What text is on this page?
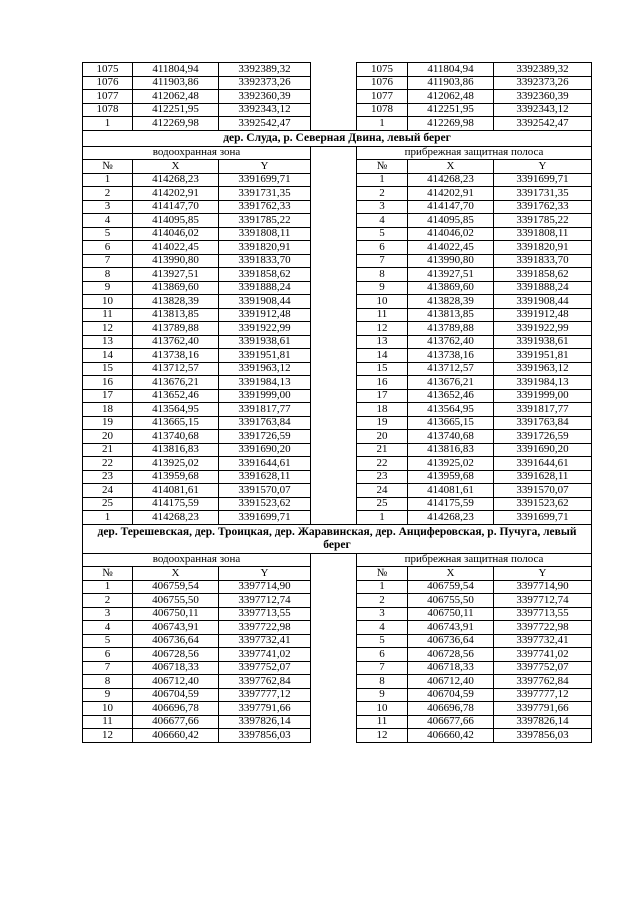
1075	411804,94	3392389,32		1075	411804,94	3392389,32
1076	411903,86	3392373,26		1076	411903,86	3392373,26
1077	412062,48	3392360,39		1077	412062,48	3392360,39
1078	412251,95	3392343,12		1078	412251,95	3392343,12
1	412269,98	3392542,47		1	412269,98	3392542,47
дер. Слуда, р. Северная Двина, левый берег						
водоохранная зона				прибрежная защитная полоса		
№	X	Y		№	X	Y
1	414268,23	3391699,71		1	414268,23	3391699,71
2	414202,91	3391731,35		2	414202,91	3391731,35
3	414147,70	3391762,33		3	414147,70	3391762,33
4	414095,85	3391785,22		4	414095,85	3391785,22
5	414046,02	3391808,11		5	414046,02	3391808,11
6	414022,45	3391820,91		6	414022,45	3391820,91
7	413990,80	3391833,70		7	413990,80	3391833,70
8	413927,51	3391858,62		8	413927,51	3391858,62
9	413869,60	3391888,24		9	413869,60	3391888,24
10	413828,39	3391908,44		10	413828,39	3391908,44
11	413813,85	3391912,48		11	413813,85	3391912,48
12	413789,88	3391922,99		12	413789,88	3391922,99
13	413762,40	3391938,61		13	413762,40	3391938,61
14	413738,16	3391951,81		14	413738,16	3391951,81
15	413712,57	3391963,12		15	413712,57	3391963,12
16	413676,21	3391984,13		16	413676,21	3391984,13
17	413652,46	3391999,00		17	413652,46	3391999,00
18	413564,95	3391817,77		18	413564,95	3391817,77
19	413665,15	3391763,84		19	413665,15	3391763,84
20	413740,68	3391726,59		20	413740,68	3391726,59
21	413816,83	3391690,20		21	413816,83	3391690,20
22	413925,02	3391644,61		22	413925,02	3391644,61
23	413959,68	3391628,11		23	413959,68	3391628,11
24	414081,61	3391570,07		24	414081,61	3391570,07
25	414175,59	3391523,62		25	414175,59	3391523,62
1	414268,23	3391699,71		1	414268,23	3391699,71
дер. Терешевская, дер. Троицкая, дер. Жаравинская, дер. Анциферовская, р. Пучуга, левый берег						
водоохранная зона				прибрежная защитная полоса		
№	X	Y		№	X	Y
1	406759,54	3397714,90		1	406759,54	3397714,90
2	406755,50	3397712,74		2	406755,50	3397712,74
3	406750,11	3397713,55		3	406750,11	3397713,55
4	406743,91	3397722,98		4	406743,91	3397722,98
5	406736,64	3397732,41		5	406736,64	3397732,41
6	406728,56	3397741,02		6	406728,56	3397741,02
7	406718,33	3397752,07		7	406718,33	3397752,07
8	406712,40	3397762,84		8	406712,40	3397762,84
9	406704,59	3397777,12		9	406704,59	3397777,12
10	406696,78	3397791,66		10	406696,78	3397791,66
11	406677,66	3397826,14		11	406677,66	3397826,14
12	406660,42	3397856,03		12	406660,42	3397856,03
